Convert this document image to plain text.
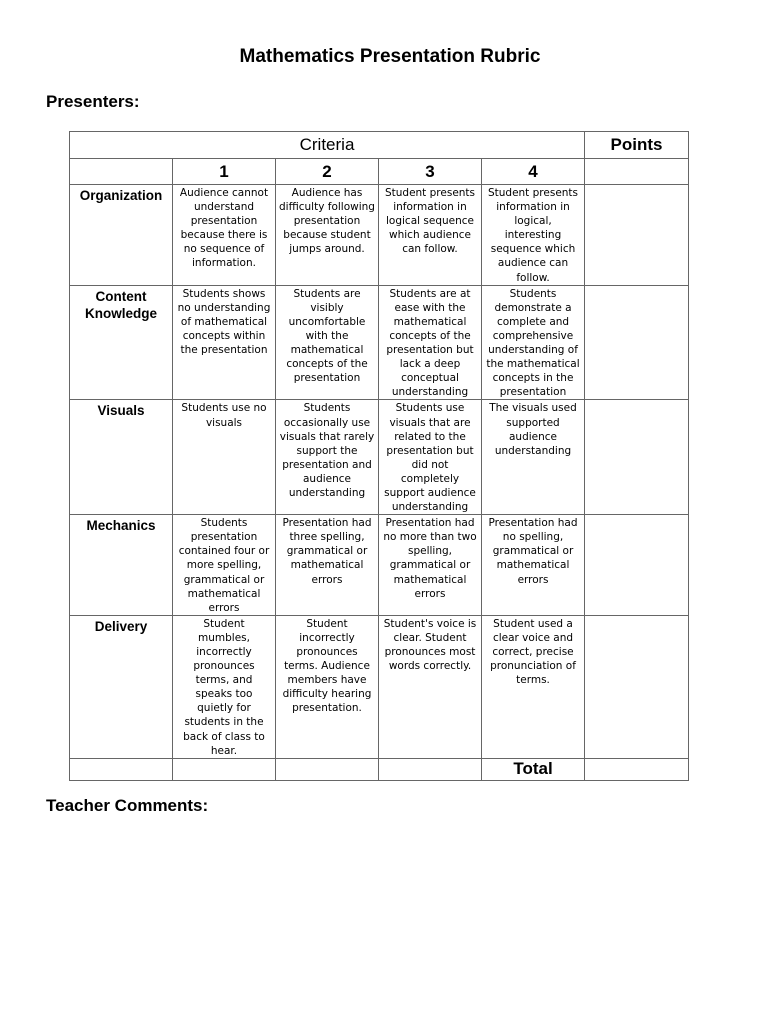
Mathematics Presentation Rubric
Presenters:
Criteria					Points
	1	2	3	4	
Organization	Audience cannot understand presentation because there is no sequence of information.	Audience has difficulty following presentation because student jumps around.	Student presents information in logical sequence which audience can follow.	Student presents information in logical, interesting sequence which audience can follow.	
Content Knowledge	Students shows no understanding of mathematical concepts within the presentation	Students are visibly uncomfortable with the mathematical concepts of the presentation	Students are at ease with the mathematical concepts of the presentation but lack a deep conceptual understanding	Students demonstrate a complete and comprehensive understanding of the mathematical concepts in the presentation	
Visuals	Students use no visuals	Students occasionally use visuals that rarely support the presentation and audience understanding	Students use visuals that are related to the presentation but did not completely support audience understanding	The visuals used supported audience understanding	
Mechanics	Students presentation contained four or more spelling, grammatical or mathematical errors	Presentation had three spelling, grammatical or mathematical errors	Presentation had no more than two spelling, grammatical or mathematical errors	Presentation had no spelling, grammatical or mathematical errors	
Delivery	Student mumbles, incorrectly pronounces terms, and speaks too quietly for students in the back of class to hear.	Student incorrectly pronounces terms. Audience members have difficulty hearing presentation.	Student's voice is clear. Student pronounces most words correctly.	Student used a clear voice and correct, precise pronunciation of terms.	
				Total	
Teacher Comments:
